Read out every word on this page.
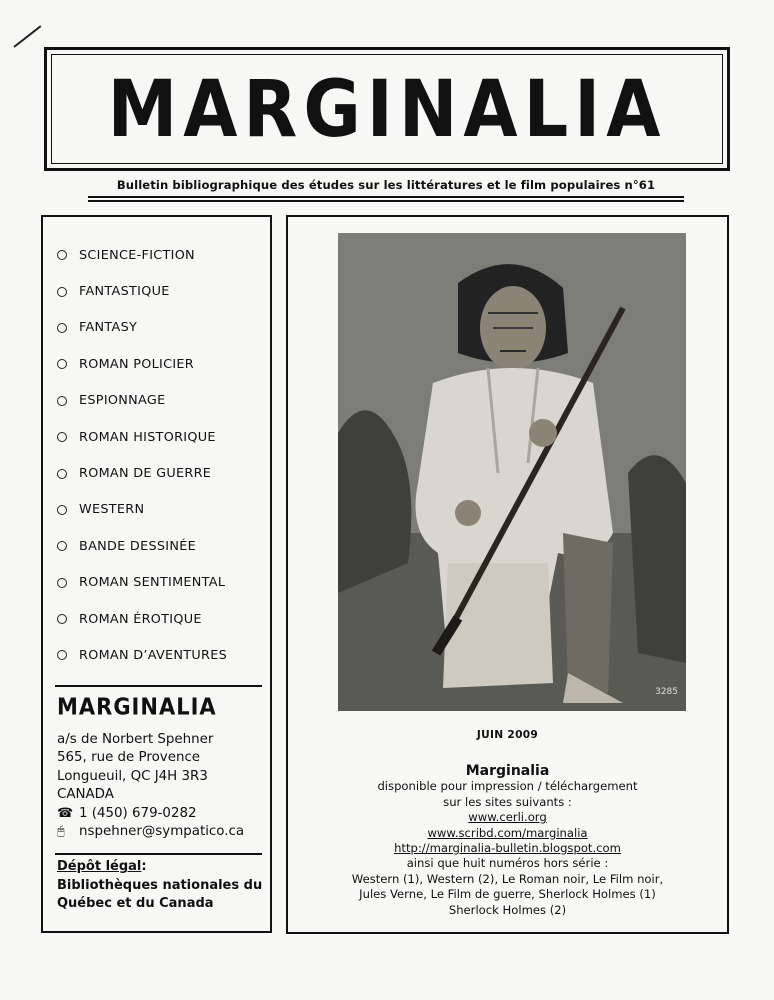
MARGINALIA
Bulletin bibliographique des études sur les littératures et le film populaires n°61
SCIENCE-FICTION
FANTASTIQUE
FANTASY
ROMAN POLICIER
ESPIONNAGE
ROMAN HISTORIQUE
ROMAN DE GUERRE
WESTERN
BANDE DESSINÉE
ROMAN SENTIMENTAL
ROMAN ÉROTIQUE
ROMAN D’AVENTURES
MARGINALIA
a/s de Norbert Spehner
565, rue de Provence
Longueuil, QC J4H 3R3
CANADA
☎ 1 (450) 679-0282
🖰	nspehner@sympatico.ca
Dépôt légal:
Bibliothèques nationales du
Québec et du Canada
3285
JUIN 2009
Marginalia
disponible pour impression / téléchargement
sur les sites suivants :
www.cerli.org
www.scribd.com/marginalia
http://marginalia-bulletin.blogspot.com
ainsi que huit numéros hors série :
Western (1), Western (2), Le Roman noir, Le Film noir,
Jules Verne, Le Film de guerre, Sherlock Holmes (1)
Sherlock Holmes (2)
